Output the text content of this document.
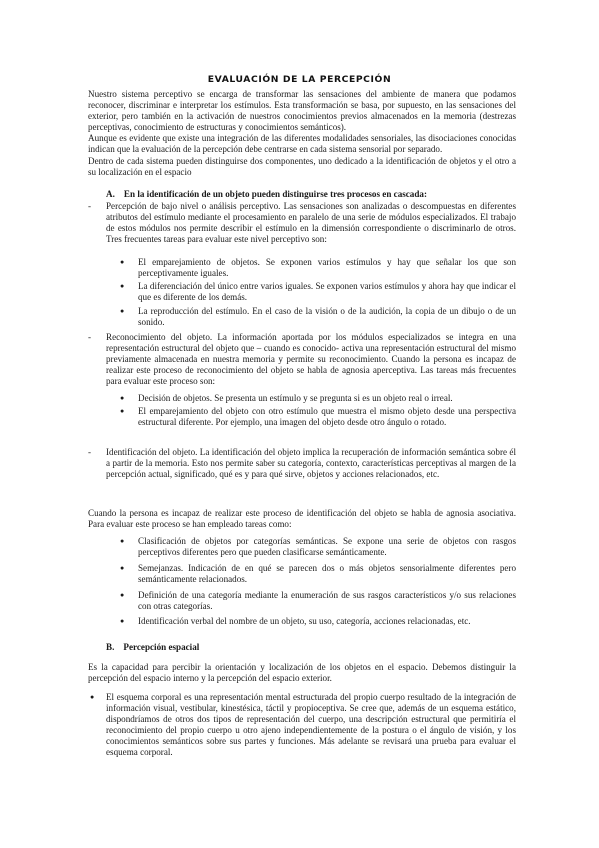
EVALUACIÓN DE LA PERCEPCIÓN

Nuestro sistema perceptivo se encarga de transformar las sensaciones del ambiente de manera que podamos reconocer, discriminar e interpretar los estímulos. Esta transformación se basa, por supuesto, en las sensaciones del exterior, pero también en la activación de nuestros conocimientos previos almacenados en la memoria (destrezas perceptivas, conocimiento de estructuras y conocimientos semánticos).

Aunque es evidente que existe una integración de las diferentes modalidades sensoriales, las disociaciones conocidas indican que la evaluación de la percepción debe centrarse en cada sistema sensorial por separado.

Dentro de cada sistema pueden distinguirse dos componentes, uno dedicado a la identificación de objetos y el otro a su localización en el espacio

A. En la identificación de un objeto pueden distinguirse tres procesos en cascada:
- Percepción de bajo nivel o análisis perceptivo. Las sensaciones son analizadas o descompuestas en diferentes atributos del estímulo mediante el procesamiento en paralelo de una serie de módulos especializados. El trabajo de estos módulos nos permite describir el estímulo en la dimensión correspondiente o discriminarlo de otros. Tres frecuentes tareas para evaluar este nivel perceptivo son:
● El emparejamiento de objetos. Se exponen varios estímulos y hay que señalar los que son perceptivamente iguales.
● La diferenciación del único entre varios iguales. Se exponen varios estímulos y ahora hay que indicar el que es diferente de los demás.
● La reproducción del estímulo. En el caso de la visión o de la audición, la copia de un dibujo o de un sonido.
- Reconocimiento del objeto. La información aportada por los módulos especializados se integra en una representación estructural del objeto que – cuando es conocido- activa una representación estructural del mismo previamente almacenada en nuestra memoria y permite su reconocimiento. Cuando la persona es incapaz de realizar este proceso de reconocimiento del objeto se habla de agnosia aperceptiva. Las tareas más frecuentes para evaluar este proceso son:
● Decisión de objetos. Se presenta un estímulo y se pregunta si es un objeto real o irreal.
● El emparejamiento del objeto con otro estímulo que muestra el mismo objeto desde una perspectiva estructural diferente. Por ejemplo, una imagen del objeto desde otro ángulo o rotado.
- Identificación del objeto. La identificación del objeto implica la recuperación de información semántica sobre él a partir de la memoria. Esto nos permite saber su categoría, contexto, características perceptivas al margen de la percepción actual, significado, qué es y para qué sirve, objetos y acciones relacionados, etc.
Cuando la persona es incapaz de realizar este proceso de identificación del objeto se habla de agnosia asociativa. Para evaluar este proceso se han empleado tareas como:
● Clasificación de objetos por categorías semánticas. Se expone una serie de objetos con rasgos perceptivos diferentes pero que pueden clasificarse semánticamente.
● Semejanzas. Indicación de en qué se parecen dos o más objetos sensorialmente diferentes pero semánticamente relacionados.
● Definición de una categoría mediante la enumeración de sus rasgos característicos y/o sus relaciones con otras categorías.
● Identificación verbal del nombre de un objeto, su uso, categoría, acciones relacionadas, etc.
B. Percepción espacial
Es la capacidad para percibir la orientación y localización de los objetos en el espacio. Debemos distinguir la percepción del espacio interno y la percepción del espacio exterior.
● El esquema corporal es una representación mental estructurada del propio cuerpo resultado de la integración de información visual, vestibular, kinestésica, táctil y propioceptiva. Se cree que, además de un esquema estático, dispondríamos de otros dos tipos de representación del cuerpo, una descripción estructural que permitiría el reconocimiento del propio cuerpo u otro ajeno independientemente de la postura o el ángulo de visión, y los conocimientos semánticos sobre sus partes y funciones. Más adelante se revisará una prueba para evaluar el esquema corporal.
